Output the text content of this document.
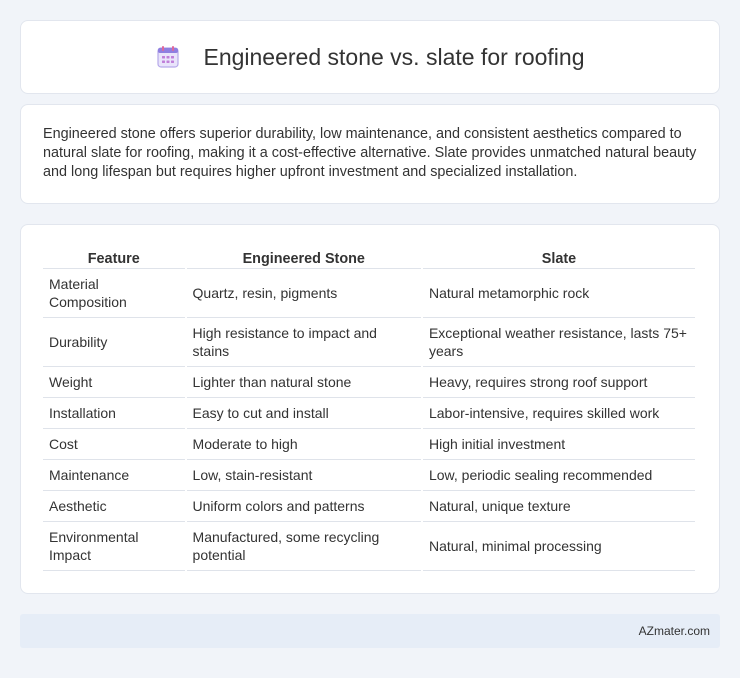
Engineered stone vs. slate for roofing

Engineered stone offers superior durability, low maintenance, and consistent aesthetics compared to natural slate for roofing, making it a cost-effective alternative. Slate provides unmatched natural beauty and long lifespan but requires higher upfront investment and specialized installation.

Feature	Engineered Stone	Slate
Material Composition	Quartz, resin, pigments	Natural metamorphic rock
Durability	High resistance to impact and stains	Exceptional weather resistance, lasts 75+ years
Weight	Lighter than natural stone	Heavy, requires strong roof support
Installation	Easy to cut and install	Labor-intensive, requires skilled work
Cost	Moderate to high	High initial investment
Maintenance	Low, stain-resistant	Low, periodic sealing recommended
Aesthetic	Uniform colors and patterns	Natural, unique texture
Environmental Impact	Manufactured, some recycling potential	Natural, minimal processing
AZmater.com
